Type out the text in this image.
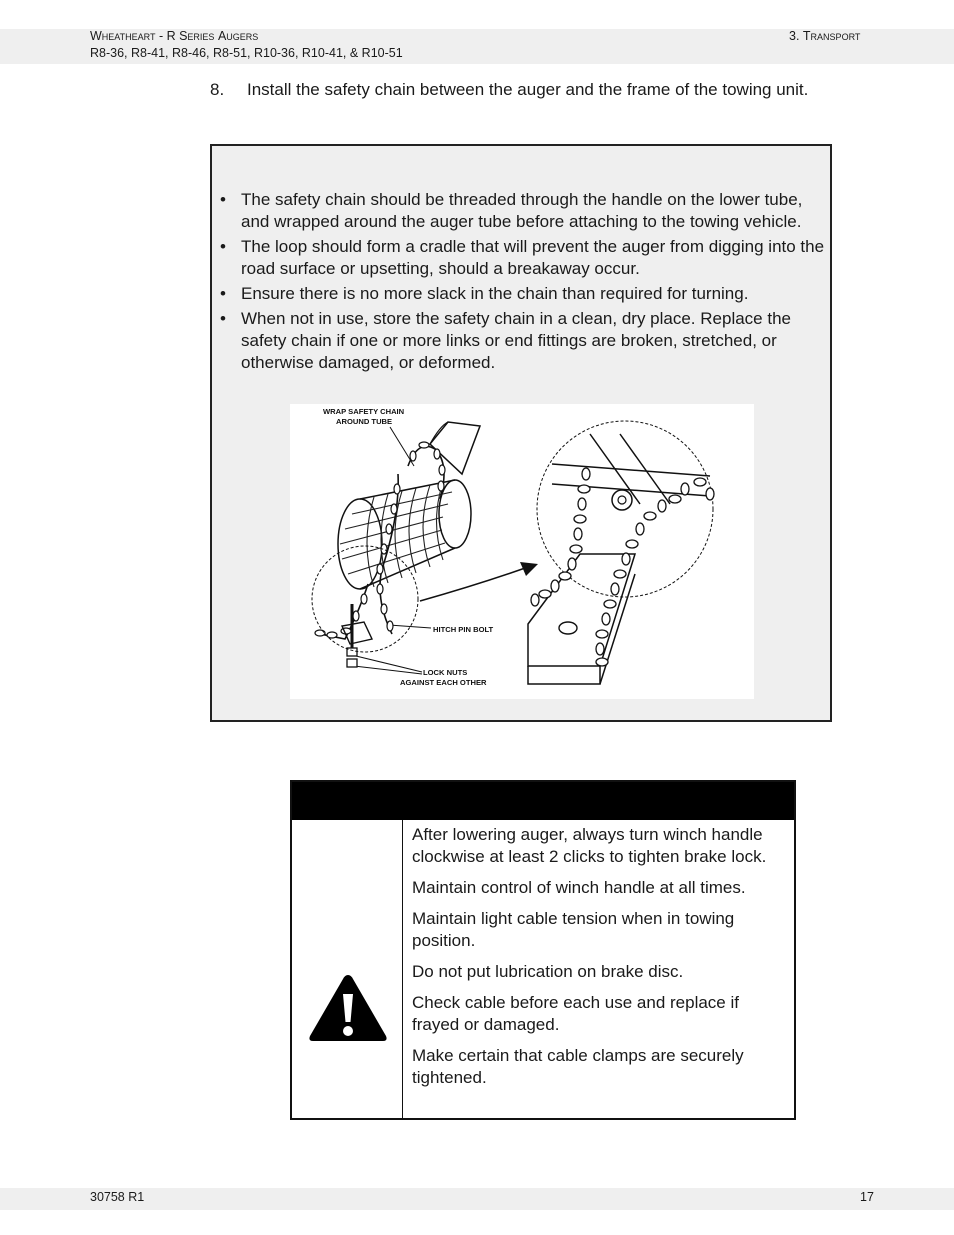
Wheatheart - R Series Augers
R8-36, R8-41, R8-46, R8-51, R10-36, R10-41, & R10-51
3. Transport
8. Install the safety chain between the auger and the frame of the towing unit.
• The safety chain should be threaded through the handle on the lower tube, and wrapped around the auger tube before attaching to the towing vehicle.
• The loop should form a cradle that will prevent the auger from digging into the road surface or upsetting, should a breakaway occur.
• Ensure there is no more slack in the chain than required for turning.
• When not in use, store the safety chain in a clean, dry place. Replace the safety chain if one or more links or end fittings are broken, stretched, or otherwise damaged, or deformed.
WRAP SAFETY CHAIN
AROUND TUBE
HITCH PIN BOLT
LOCK NUTS
AGAINST EACH OTHER

After lowering auger, always turn winch handle clockwise at least 2 clicks to tighten brake lock.

Maintain control of winch handle at all times.

Maintain light cable tension when in towing position.

Do not put lubrication on brake disc.

Check cable before each use and replace if frayed or damaged.

Make certain that cable clamps are securely tightened.

30758 R1	17
